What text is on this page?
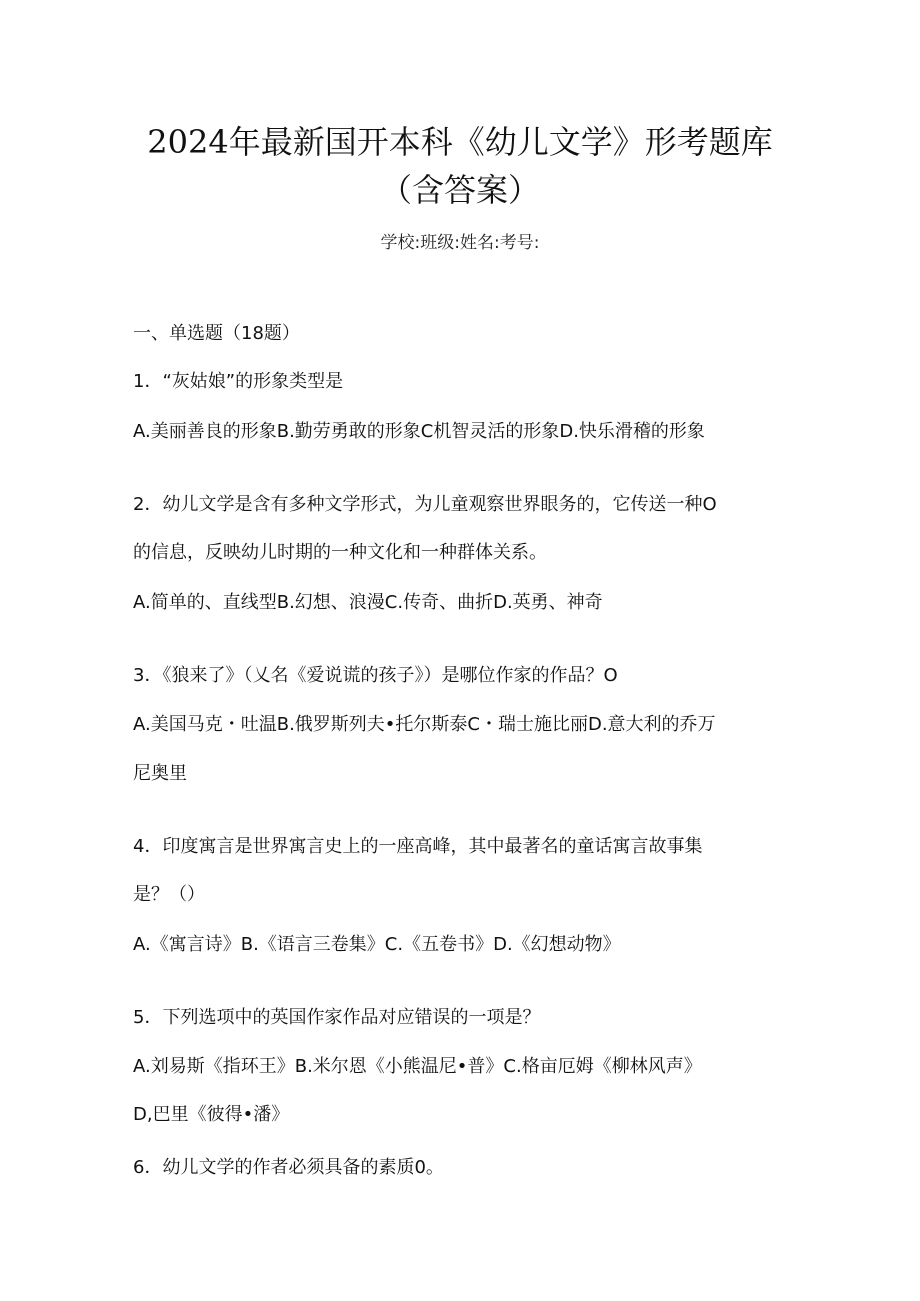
2024年最新国开本科《幼儿文学》形考题库
（含答案）
学校:班级:姓名:考号:
一、单选题（18题）
1．“灰姑娘”的形象类型是
A.美丽善良的形象B.勤劳勇敢的形象C机智灵活的形象D.快乐滑稽的形象
2．幼儿文学是含有多种文学形式，为儿童观察世界眼务的，它传送一种O
的信息，反映幼儿时期的一种文化和一种群体关系。
A.简单的、直线型B.幻想、浪漫C.传奇、曲折D.英勇、神奇
3．《狼来了》（乂名《爱说谎的孩子》）是哪位作家的作品？O
A.美国马克・吐温B.俄罗斯列夫•托尔斯泰C・瑞士施比丽D.意大利的乔万
尼奥里
4．印度寓言是世界寓言史上的一座高峰，其中最著名的童话寓言故事集
是？（）
A.《寓言诗》B.《语言三卷集》C.《五卷书》D.《幻想动物》
5．下列选项中的英国作家作品对应错误的一项是？
A.刘易斯《指环王》B.米尔恩《小熊温尼•普》C.格亩厄姆《柳林风声》
D,巴里《彼得•潘》
6．幼儿文学的作者必须具备的素质0。
